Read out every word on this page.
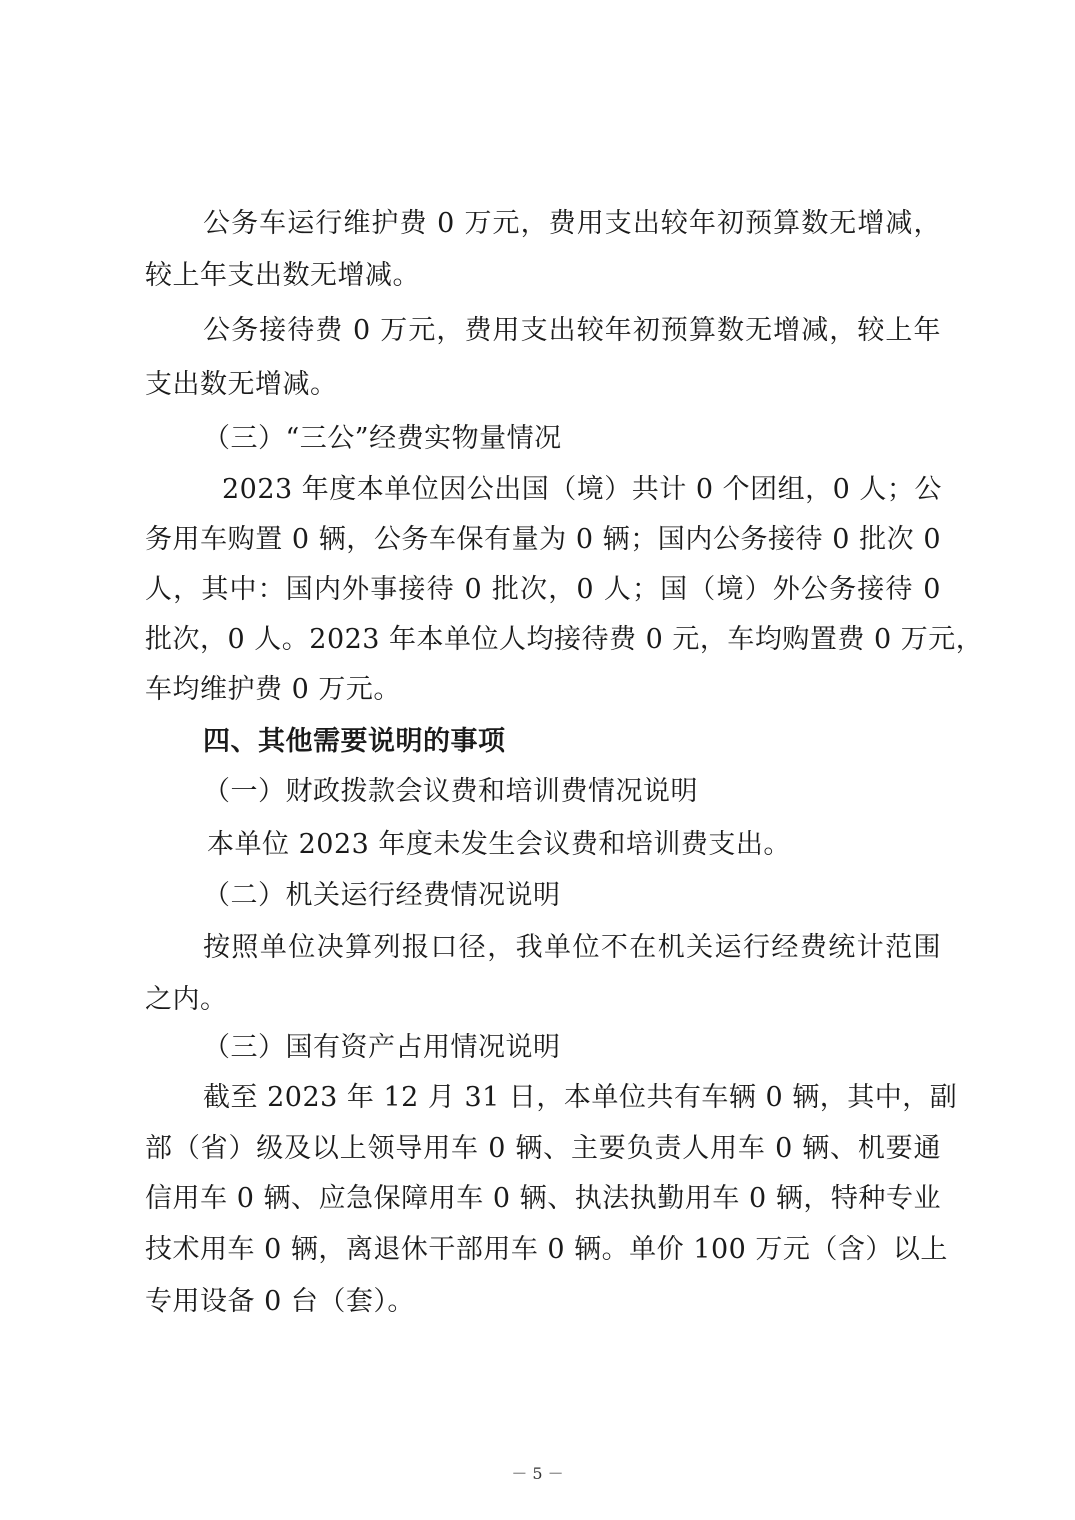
公务车运行维护费 0 万元，费用支出较年初预算数无增减，
较上年支出数无增减。
公务接待费 0 万元，费用支出较年初预算数无增减，较上年
支出数无增减。
（三）“三公”经费实物量情况
2023 年度本单位因公出国（境）共计 0 个团组，0 人；公
务用车购置 0 辆，公务车保有量为 0 辆；国内公务接待 0 批次 0
人，其中：国内外事接待 0 批次，0 人；国（境）外公务接待 0
批次，0 人。2023 年本单位人均接待费 0 元，车均购置费 0 万元，
车均维护费 0 万元。
四、其他需要说明的事项
（一）财政拨款会议费和培训费情况说明
本单位 2023 年度未发生会议费和培训费支出。
（二）机关运行经费情况说明
按照单位决算列报口径，我单位不在机关运行经费统计范围
之内。
（三）国有资产占用情况说明
截至 2023 年 12 月 31 日，本单位共有车辆 0 辆，其中，副
部（省）级及以上领导用车 0 辆、主要负责人用车 0 辆、机要通
信用车 0 辆、应急保障用车 0 辆、执法执勤用车 0 辆，特种专业
技术用车 0 辆，离退休干部用车 0 辆。单价 100 万元（含）以上
专用设备 0 台（套）。
－ 5 －
